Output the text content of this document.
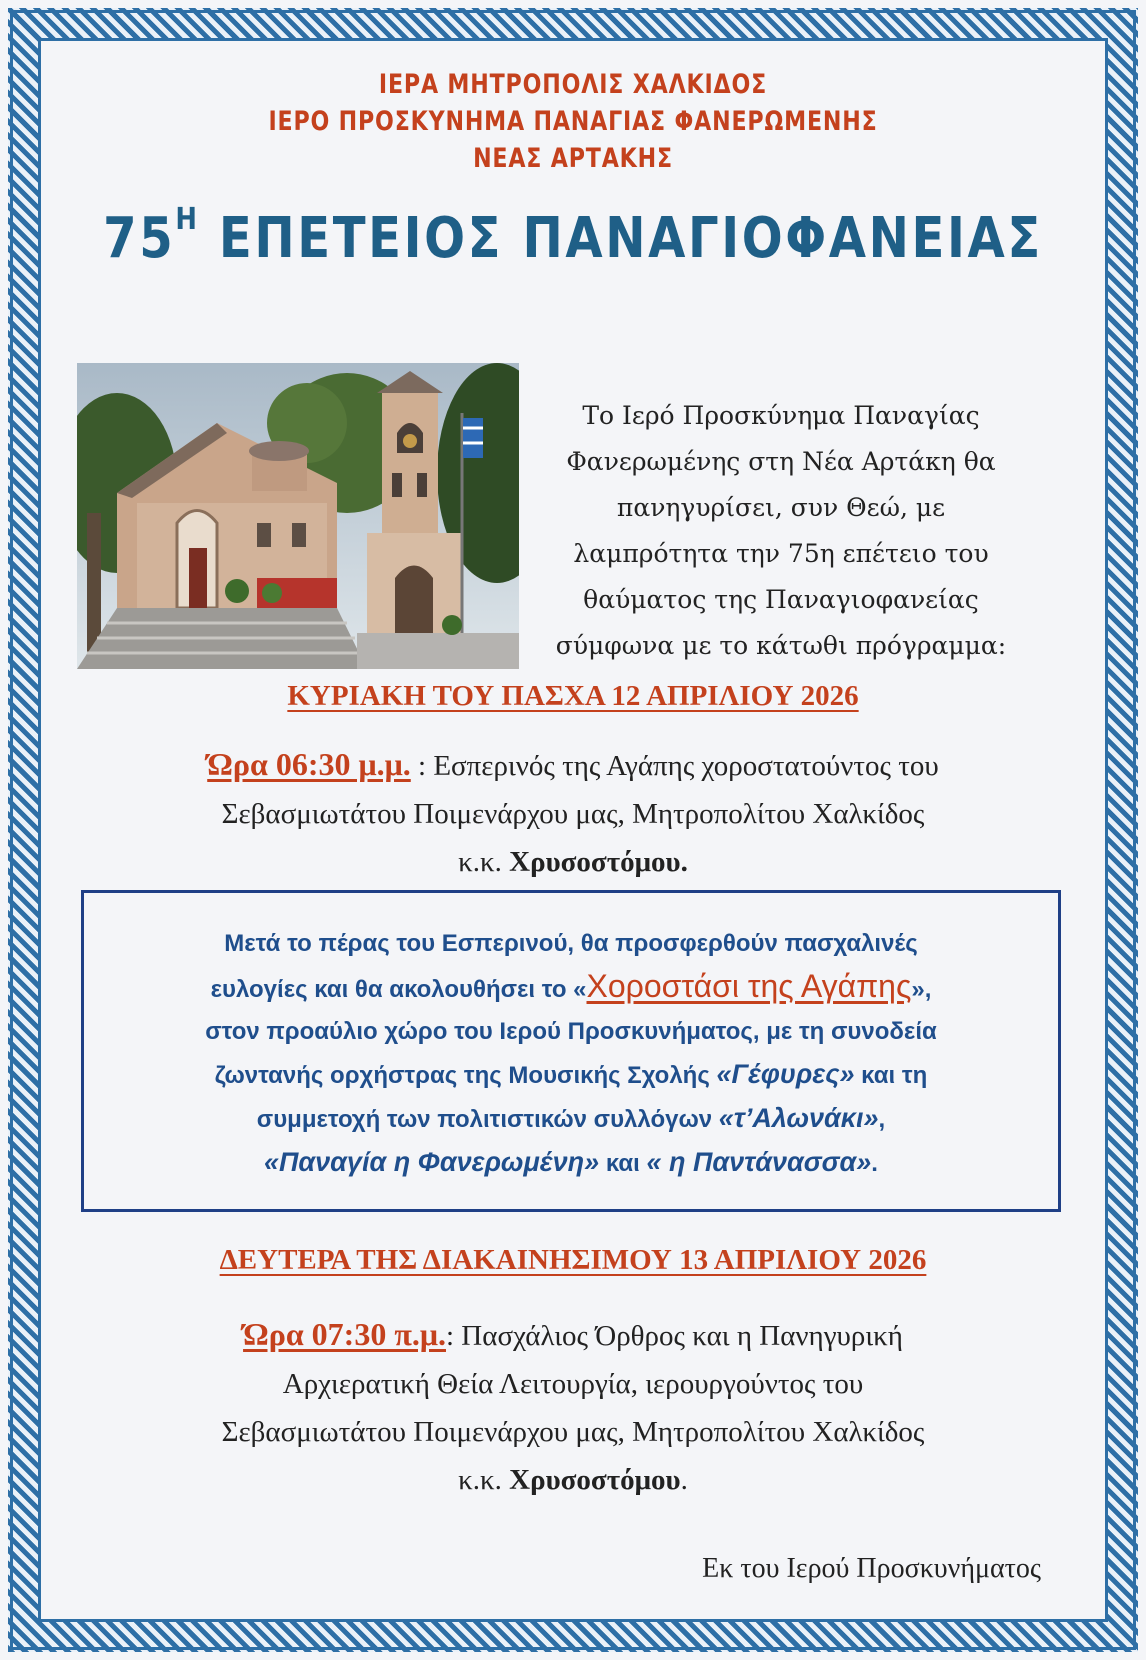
ΙΕΡΑ ΜΗΤΡΟΠΟΛΙΣ ΧΑΛΚΙΔΟΣ

ΙΕΡΟ ΠΡΟΣΚΥΝΗΜΑ ΠΑΝΑΓΙΑΣ ΦΑΝΕΡΩΜΕΝΗΣ

ΝΕΑΣ ΑΡΤΑΚΗΣ

$75^H$ ΕΠΕΤΕΙΟΣ ΠΑΝΑΓΙΟΦΑΝΕΙΑΣ

Το Ιερό Προσκύνημα Παναγίας

Φανερωμένης στη Νέα Αρτάκη θα

πανηγυρίσει, συν Θεώ, με

λαμπρότητα την 75η επέτειο του

θαύματος της Παναγιοφανείας

σύμφωνα με το κάτωθι πρόγραμμα:

ΚΥΡΙΑΚΗ ΤΟΥ ΠΑΣΧΑ 12 ΑΠΡΙΛΙΟΥ 2026

Ώρα 06:30 μ.μ. : Εσπερινός της Αγάπης χοροστατούντος του

Σεβασμιωτάτου Ποιμενάρχου μας, Μητροπολίτου Χαλκίδος

κ.κ. Χρυσοστόμου.

Μετά το πέρας του Εσπερινού, θα προσφερθούν πασχαλινές

ευλογίες και θα ακολουθήσει το «Χοροστάσι της Αγάπης»,

στον προαύλιο χώρο του Ιερού Προσκυνήματος, με τη συνοδεία

ζωντανής ορχήστρας της Μουσικής Σχολής «Γέφυρες» και τη

συμμετοχή των πολιτιστικών συλλόγων «τ’Αλωνάκι»,

«Παναγία η Φανερωμένη» και « η Παντάνασσα».

ΔΕΥΤΕΡΑ ΤΗΣ ΔΙΑΚΑΙΝΗΣΙΜΟΥ 13 ΑΠΡΙΛΙΟΥ 2026

Ώρα 07:30 π.μ.: Πασχάλιος Όρθρος και η Πανηγυρική

Αρχιερατική Θεία Λειτουργία, ιερουργούντος του

Σεβασμιωτάτου Ποιμενάρχου μας, Μητροπολίτου Χαλκίδος

κ.κ. Χρυσοστόμου.

Εκ του Ιερού Προσκυνήματος
